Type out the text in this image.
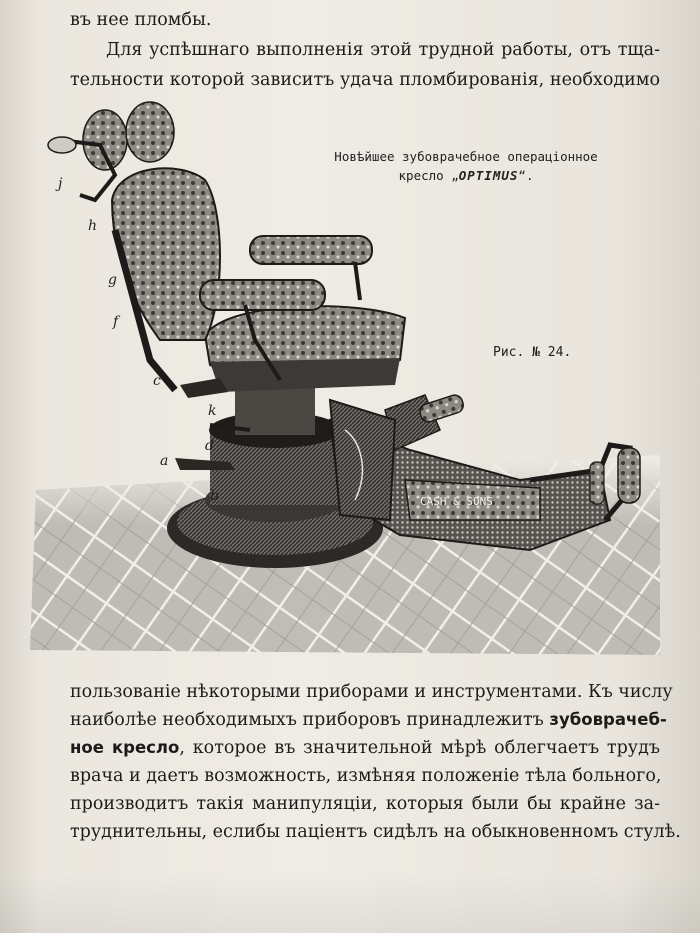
въ нее пломбы.
Для успѣшнаго выполненія этой трудной работы, отъ тща-
тельности которой зависитъ удача пломбированія, необходимо
CASH & SONS
j
h
g
f
c
k
d
a
b
Новѣйшее зубоврачебное операціонное
кресло „OPTIMUS“.
Рис. № 24.
пользованіе нѣкоторыми приборами и инструментами. Къ числу
наиболѣе необходимыхъ приборовъ принадлежитъ зубоврачеб-
ное кресло, которое въ значительной мѣрѣ облегчаетъ трудъ
врача и даетъ возможность, измѣняя положеніе тѣла больного,
производитъ такія манипуляціи, которыя были бы крайне за-
труднительны, еслибы паціентъ сидѣлъ на обыкновенномъ стулѣ.
